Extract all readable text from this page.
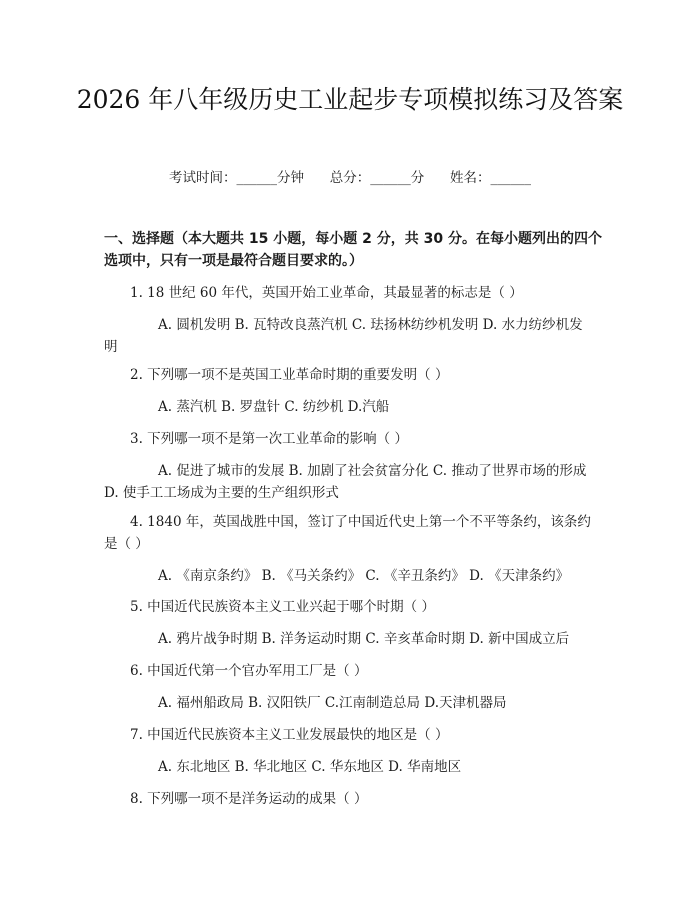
2026 年八年级历史工业起步专项模拟练习及答案
考试时间：______分钟      总分：______分      姓名：______
一、选择题（本大题共 15 小题，每小题 2 分，共 30 分。在每小题列出的四个选项中，只有一项是最符合题目要求的。）
1. 18 世纪 60 年代，英国开始工业革命，其最显著的标志是（ ）
A. 圆机发明 B. 瓦特改良蒸汽机 C. 珐扬林纺纱机发明 D. 水力纺纱机发明
2. 下列哪一项不是英国工业革命时期的重要发明（ ）
A. 蒸汽机 B. 罗盘针 C. 纺纱机 D.汽船
3. 下列哪一项不是第一次工业革命的影响（ ）
A. 促进了城市的发展 B. 加剧了社会贫富分化 C. 推动了世界市场的形成 D. 使手工工场成为主要的生产组织形式
4. 1840 年，英国战胜中国，签订了中国近代史上第一个不平等条约，该条约是（ ）
A. 《南京条约》 B. 《马关条约》 C. 《辛丑条约》 D. 《天津条约》
5. 中国近代民族资本主义工业兴起于哪个时期（ ）
A. 鸦片战争时期 B. 洋务运动时期 C. 辛亥革命时期 D. 新中国成立后
6. 中国近代第一个官办军用工厂是（ ）
A. 福州船政局 B. 汉阳铁厂 C.江南制造总局 D.天津机器局
7. 中国近代民族资本主义工业发展最快的地区是（ ）
A. 东北地区 B. 华北地区 C. 华东地区 D. 华南地区
8. 下列哪一项不是洋务运动的成果（ ）
